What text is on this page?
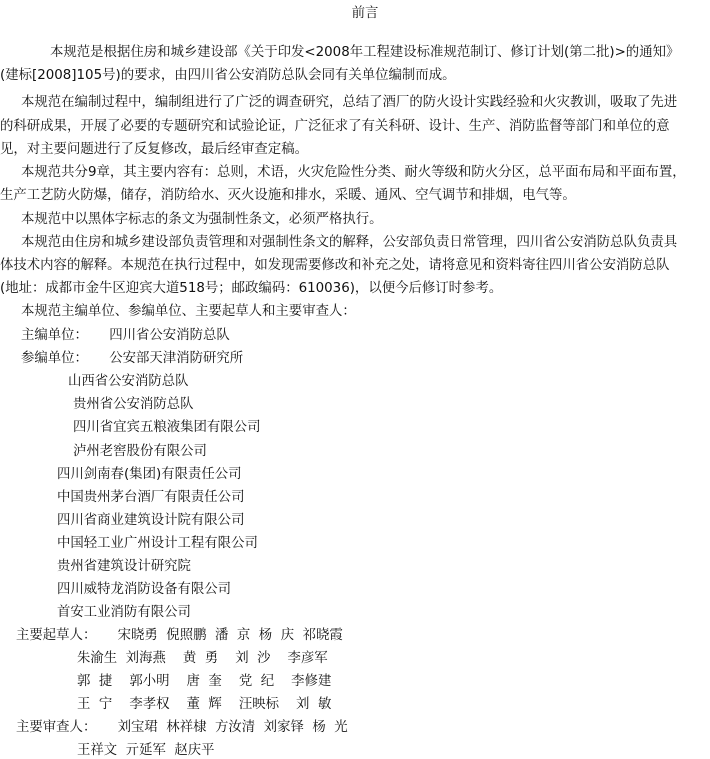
前言
本规范是根据住房和城乡建设部《关于印发<2008年工程建设标准规范制订、修订计划(第二批)>的通知》
(建标[2008]105号)的要求，由四川省公安消防总队会同有关单位编制而成。
本规范在编制过程中，编制组进行了广泛的调查研究，总结了酒厂的防火设计实践经验和火灾教训，吸取了先进
的科研成果，开展了必要的专题研究和试验论证，广泛征求了有关科研、设计、生产、消防监督等部门和单位的意
见，对主要问题进行了反复修改，最后经审查定稿。
本规范共分9章，其主要内容有：总则，术语，火灾危险性分类、耐火等级和防火分区，总平面布局和平面布置，
生产工艺防火防爆，储存，消防给水、灭火设施和排水，采暖、通风、空气调节和排烟，电气等。
本规范中以黑体字标志的条文为强制性条文，必须严格执行。
本规范由住房和城乡建设部负责管理和对强制性条文的解释，公安部负责日常管理，四川省公安消防总队负责具
体技术内容的解释。本规范在执行过程中，如发现需要修改和补充之处，请将意见和资料寄往四川省公安消防总队
(地址：成都市金牛区迎宾大道518号；邮政编码：610036)，以便今后修订时参考。
本规范主编单位、参编单位、主要起草人和主要审查人：
主编单位：     四川省公安消防总队
参编单位：     公安部天津消防研究所
山西省公安消防总队
贵州省公安消防总队
四川省宜宾五粮液集团有限公司
泸州老窖股份有限公司
四川剑南春(集团)有限责任公司
中国贵州茅台酒厂有限责任公司
四川省商业建筑设计院有限公司
中国轻工业广州设计工程有限公司
贵州省建筑设计研究院
四川威特龙消防设备有限公司
首安工业消防有限公司
主要起草人：     宋晓勇  倪照鹏  潘  京  杨  庆  祁晓霞
朱渝生  刘海燕    黄  勇    刘  沙    李彦军
郭  捷    郭小明    唐  奎    党  纪    李修建
王  宁    李孝权    董  辉    汪映标    刘  敏
主要审查人：     刘宝珺  林祥棣  方汝清  刘家铎  杨  光
王祥文  亓延军  赵庆平
